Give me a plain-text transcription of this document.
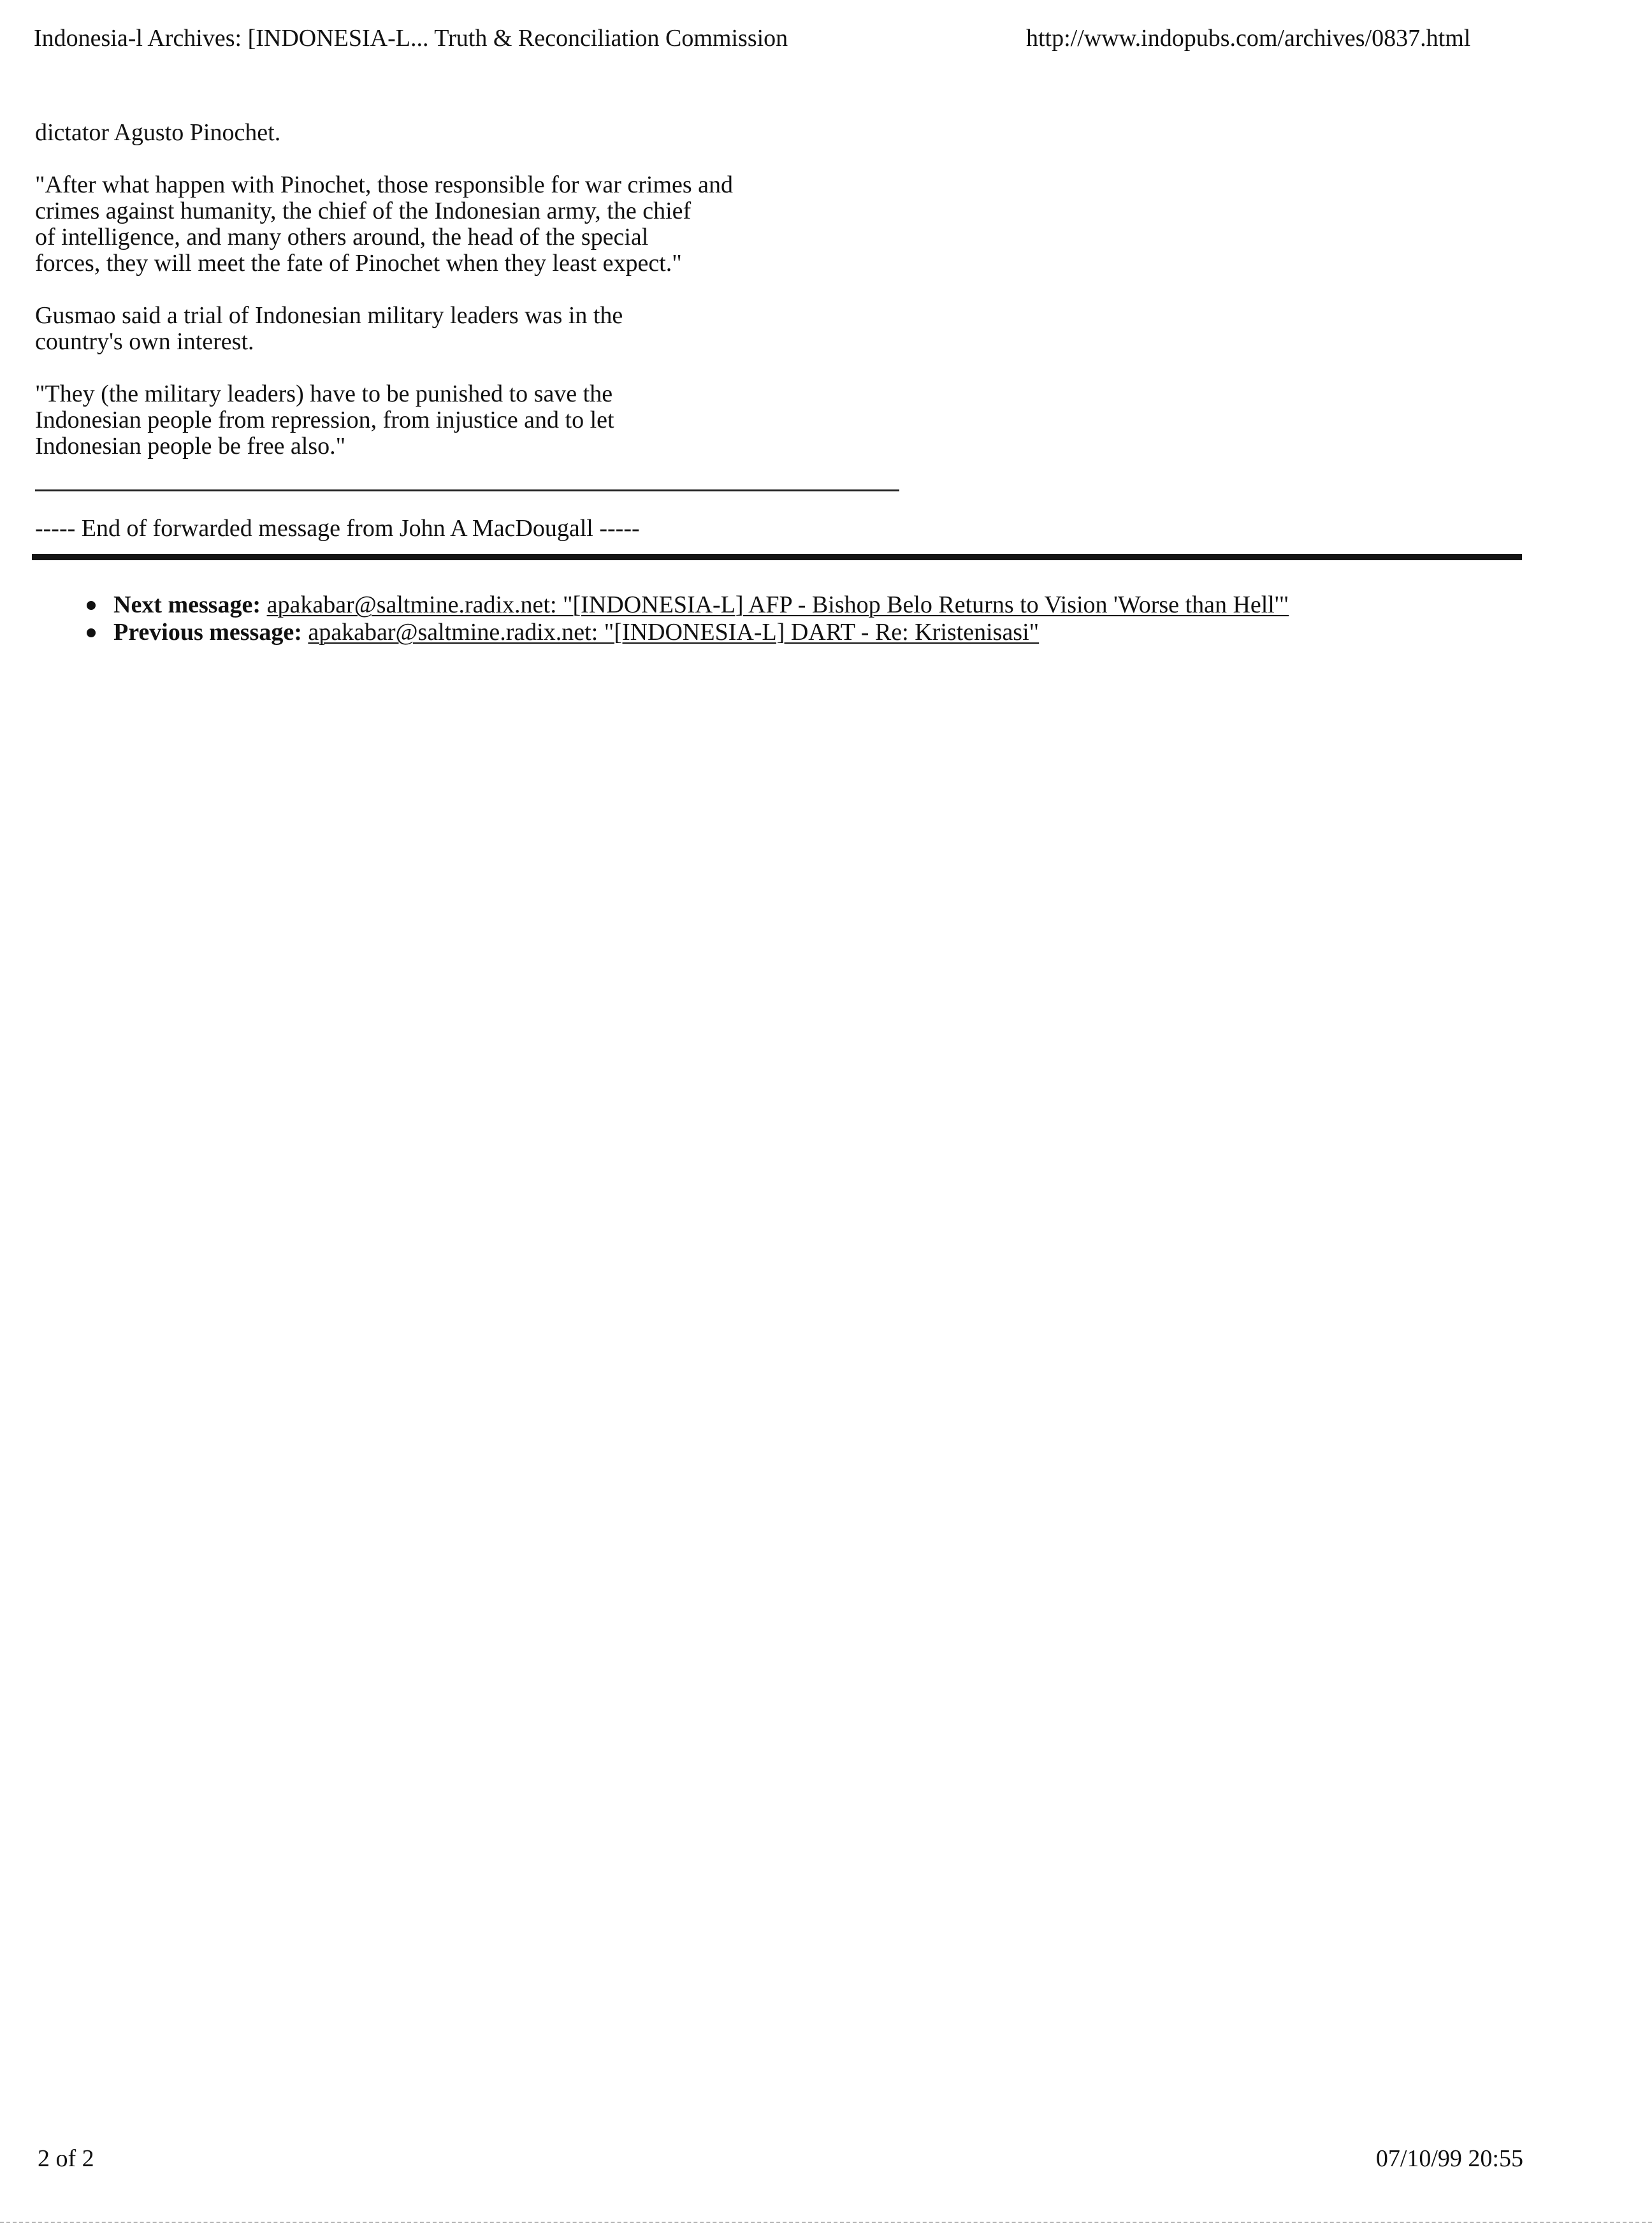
Indonesia-l Archives: [INDONESIA-L... Truth & Reconciliation Commission	http://www.indopubs.com/archives/0837.html
dictator Agusto Pinochet.
"After what happen with Pinochet, those responsible for war crimes and
crimes against humanity, the chief of the Indonesian army, the chief
of intelligence, and many others around, the head of the special
forces, they will meet the fate of Pinochet when they least expect."
Gusmao said a trial of Indonesian military leaders was in the
country's own interest.
"They (the military leaders) have to be punished to save the
Indonesian people from repression, from injustice and to let
Indonesian people be free also."
----- End of forwarded message from John A MacDougall -----
Next message: apakabar@saltmine.radix.net: "[INDONESIA-L] AFP - Bishop Belo Returns to Vision 'Worse than Hell'"
Previous message: apakabar@saltmine.radix.net: "[INDONESIA-L] DART - Re: Kristenisasi"
2 of 2	07/10/99 20:55
